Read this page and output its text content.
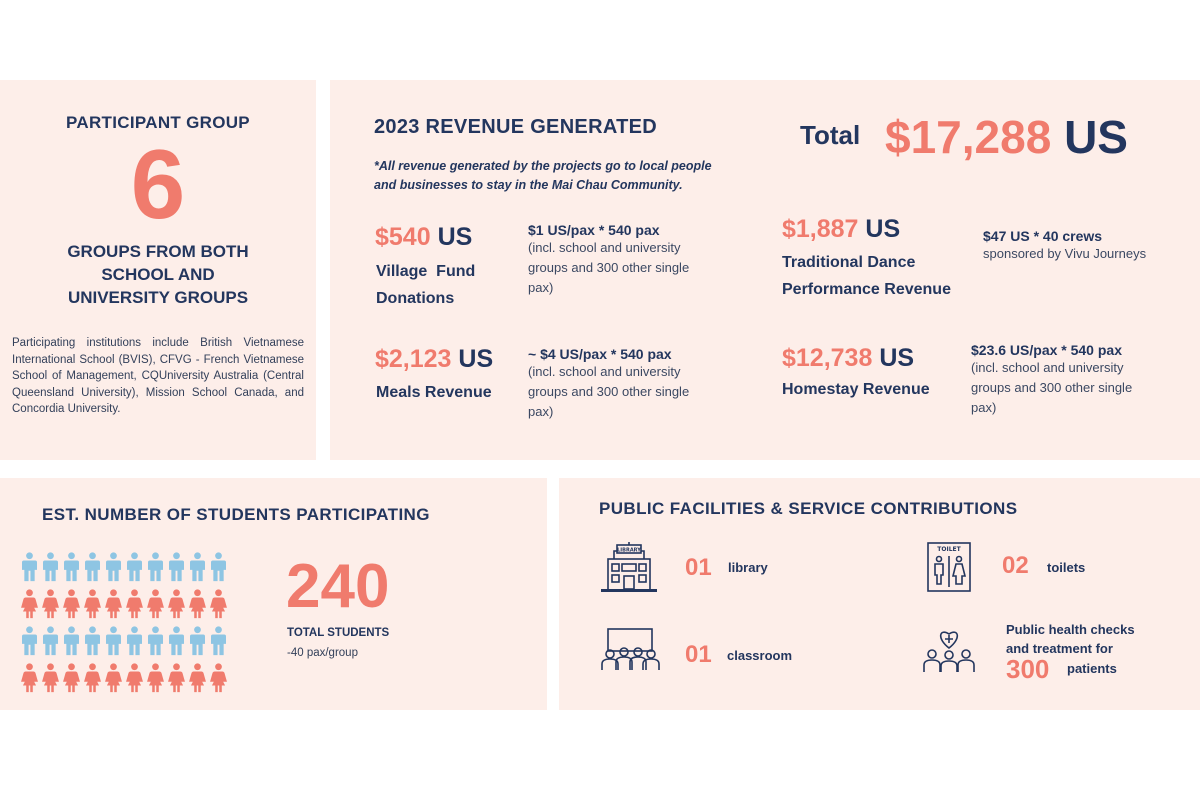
PARTICIPANT GROUP
6
GROUPS FROM BOTH
SCHOOL AND
UNIVERSITY GROUPS
Participating institutions include British Vietnamese International School (BVIS), CFVG - French Vietnamese School of Management, CQUniversity Australia (Central Queensland University), Mission School Canada, and Concordia University.
2023 REVENUE GENERATED
*All revenue generated by the projects go to local people
and businesses to stay in the Mai Chau Community.
Total $17,288 US
$540 US
Village  Fund
Donations
$1 US/pax * 540 pax
(incl. school and university
groups and 300 other single
pax)
$1,887 US
Traditional Dance
Performance Revenue
$47 US * 40 crews
sponsored by Vivu Journeys
$2,123 US
Meals Revenue
~ $4 US/pax * 540 pax
(incl. school and university
groups and 300 other single
pax)
$12,738 US
Homestay Revenue
$23.6 US/pax * 540 pax
(incl. school and university
groups and 300 other single
pax)
EST. NUMBER OF STUDENTS PARTICIPATING
240
TOTAL STUDENTS
-40 pax/group
PUBLIC FACILITIES & SERVICE CONTRIBUTIONS
LIBRARY
01 library
TOILET
02 toilets
01 classroom
Public health checks
and treatment for
300 patients
